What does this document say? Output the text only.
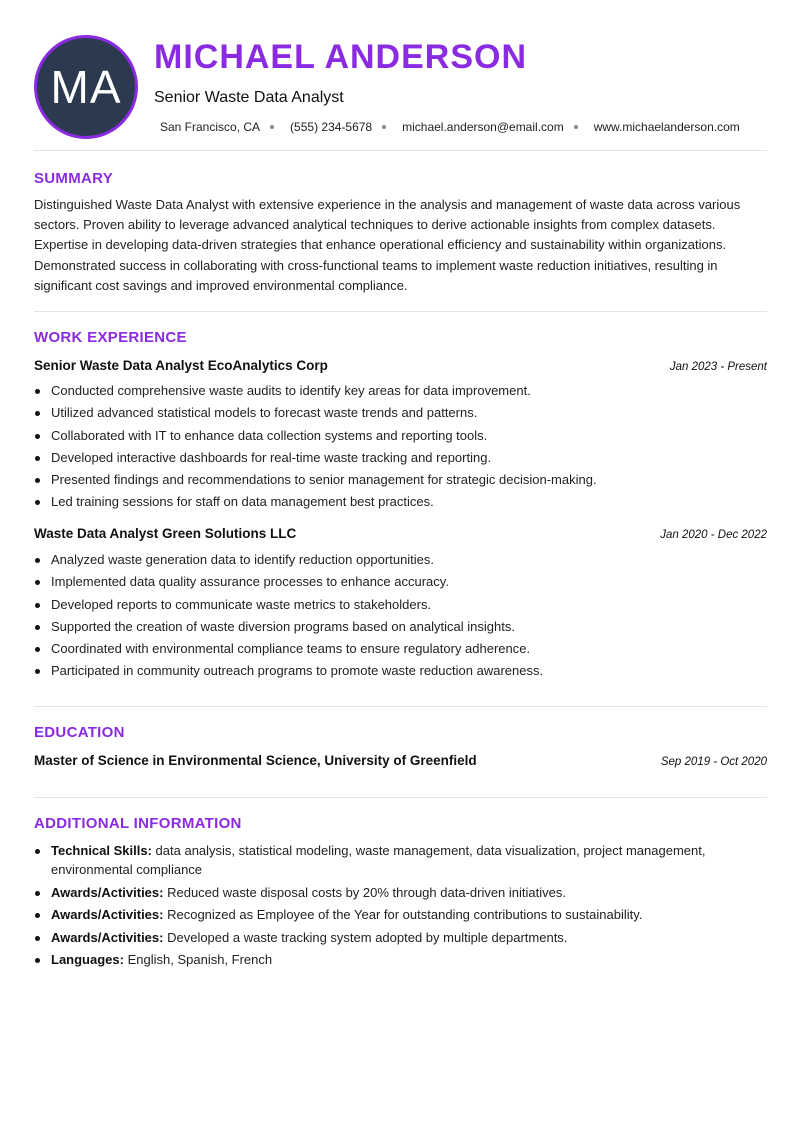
MA
MICHAEL ANDERSON
Senior Waste Data Analyst
San Francisco, CA	(555) 234-5678	michael.anderson@email.com	www.michaelanderson.com
SUMMARY
Distinguished Waste Data Analyst with extensive experience in the analysis and management of waste data across various sectors. Proven ability to leverage advanced analytical techniques to derive actionable insights from complex datasets. Expertise in developing data-driven strategies that enhance operational efficiency and sustainability within organizations. Demonstrated success in collaborating with cross-functional teams to implement waste reduction initiatives, resulting in significant cost savings and improved environmental compliance.
WORK EXPERIENCE
Senior Waste Data Analyst EcoAnalytics Corp	Jan 2023 - Present
Conducted comprehensive waste audits to identify key areas for data improvement.
Utilized advanced statistical models to forecast waste trends and patterns.
Collaborated with IT to enhance data collection systems and reporting tools.
Developed interactive dashboards for real-time waste tracking and reporting.
Presented findings and recommendations to senior management for strategic decision-making.
Led training sessions for staff on data management best practices.
Waste Data Analyst Green Solutions LLC	Jan 2020 - Dec 2022
Analyzed waste generation data to identify reduction opportunities.
Implemented data quality assurance processes to enhance accuracy.
Developed reports to communicate waste metrics to stakeholders.
Supported the creation of waste diversion programs based on analytical insights.
Coordinated with environmental compliance teams to ensure regulatory adherence.
Participated in community outreach programs to promote waste reduction awareness.
EDUCATION
Master of Science in Environmental Science, University of Greenfield	Sep 2019 - Oct 2020
ADDITIONAL INFORMATION
Technical Skills: data analysis, statistical modeling, waste management, data visualization, project management, environmental compliance
Awards/Activities: Reduced waste disposal costs by 20% through data-driven initiatives.
Awards/Activities: Recognized as Employee of the Year for outstanding contributions to sustainability.
Awards/Activities: Developed a waste tracking system adopted by multiple departments.
Languages: English, Spanish, French
